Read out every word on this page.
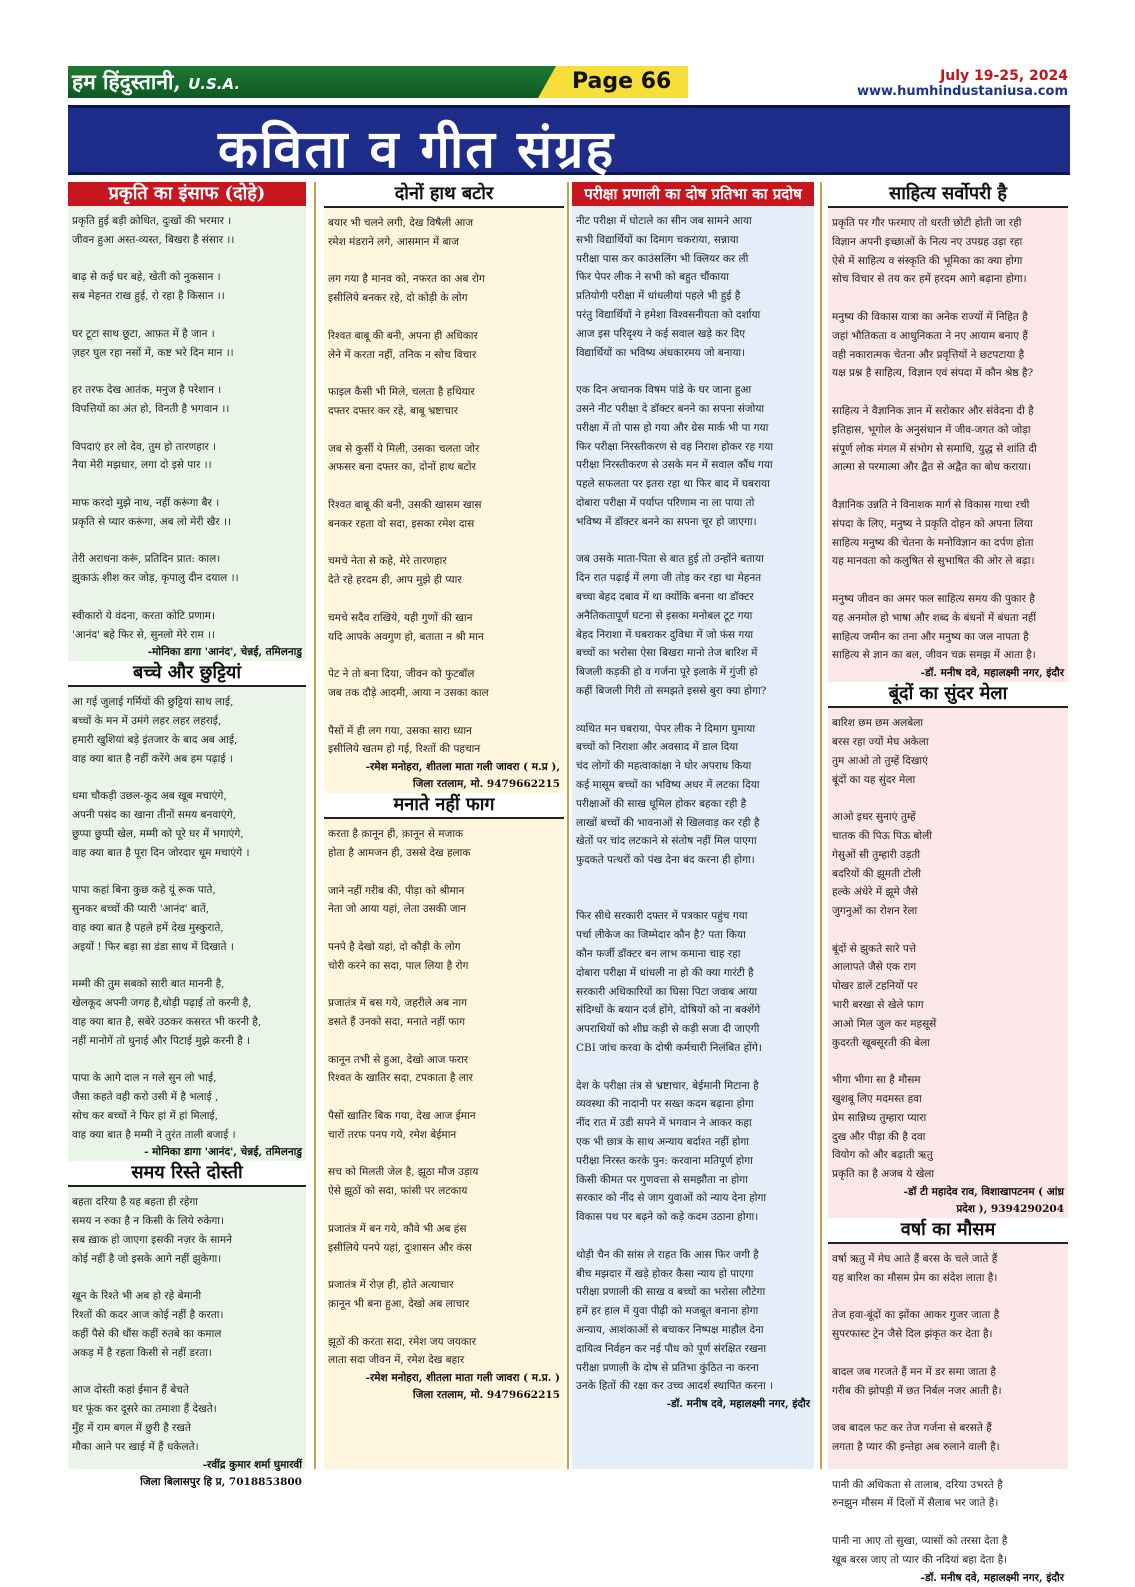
हम हिंदुस्तानी, U.S.A.	Page 66	July 19-25, 2024
www.humhindustaniusa.com
कविता व गीत संग्रह
प्रकृति का इंसाफ (दोहे)
प्रकृति हुई बड़ी क्रोधित, दुःखों की भरमार ।
जीवन हुआ अस्त-व्यस्त, बिखरा है संसार ।।

बाढ़ से कई घर बहे, खेती को नुकसान ।
सब मेहनत राख हुई, रो रहा है किसान ।।

घर टूटा साथ छूटा, आफ़त में है जान ।
ज़हर घुल रहा नसों में, कष्ट भरे दिन मान ।।

हर तरफ देख आतंक, मनुज है परेशान ।
विपत्तियों का अंत हो, विनती है भगवान ।।

विपदाएं हर लो देव, तुम हो तारणहार ।
नैया मेरी मझधार, लगा दो इसे पार ।।

माफ करदो मुझे नाथ, नहीं करूंगा बैर ।
प्रकृति से प्यार करूंगा, अब लो मेरी खैर ।।

तेरी अराधना करूं, प्रतिदिन प्रात: काल।
झुकाऊं शीश कर जोड़, कृपालु दीन दयाल ।।

स्वीकारो ये वंदना, करता कोटि प्रणाम।
'आनंद' बहे फिर से, सुनलो मेरे राम ।।
-मोनिका डागा 'आनंद', चेन्नई, तमिलनाडु
बच्चे और छुट्टियां
आ गई जुलाई गर्मियों की छुट्टियां साथ लाई,
बच्चों के मन में उमंगे लहर लहर लहराई,
हमारी खुशियां बड़े इंतजार के बाद अब आई,
वाह क्या बात है नहीं करेंगे अब हम पढ़ाई ।

धमा चौकड़ी उछल-कूद अब खूब मचाएंगे,
अपनी पसंद का खाना तीनों समय बनवाएंगे,
छुप्पा छुप्पी खेल, मम्मी को पूरे घर में भगाएंगे,
वाह क्या बात है पूरा दिन जोरदार धूम मचाएंगे ।

पापा कहां बिना कुछ कहे यूं रूक पाते,
सुनकर बच्चों की प्यारी 'आनंद' बातें,
वाह क्या बात है पहले हमें देख मुस्कुराते,
अइयों ! फिर बड़ा सा डंडा साथ में दिखाते ।

मम्मी की तुम सबको सारी बात माननी है,
खेलकूद अपनी जगह है,थोड़ी पढ़ाई तो करनी है,
वाह क्या बात है, सबेरे उठकर कसरत भी करनी है,
नहीं मानोगें तो धुनाई और पिटाई मुझे करनी है ।

पापा के आगे दाल न गले सुन लो भाई,
जैसा कहते वही करो उसी में है भलाई ,
सोच कर बच्चों ने फिर हां में हां मिलाई,
वाह क्या बात है मम्मी ने तुरंत ताली बजाई ।
- मोनिका डागा 'आनंद', चेन्नई, तमिलनाडु
समय रिस्ते दोस्ती
बहता दरिया है यह बहता ही रहेगा
समय न रुका है न किसी के लिये रुकेगा।
सब ख़ाक हो जाएगा इसकी नज़र के सामने
कोई नहीं है जो इसके आगे नहीं झुकेगा।

खून के रिश्ते भी अब हो रहे बेमानी
रिश्तों की कदर आज कोई नहीं है करता।
कहीं पैसे की धौंस कहीं रुतबे का कमाल
अकड़ में है रहता किसी से नहीं डरता।

आज दोस्ती कहां ईमान हैं बेचते
घर फूंक कर दूसरे का तमाशा हैं देखते।
मुँह में राम बगल में छुरी है रखते
मौका आने पर खाई में हैं धकेलते।
-रवींद्र कुमार शर्मा घुमारवीं
जिला बिलासपुर हि प्र, 7018853800
दोनों हाथ बटोर
बयार भी चलने लगी, देख विषैली आज
रमेश मंडराने लगे, आसमान में बाज

लग गया है मानव को, नफरत का अब रोग
इसीलिये बनकर रहे, दो कोड़ी के लोग

रिश्वत बाबू की बनी, अपना ही अधिकार
लेने में करता नहीं, तनिक न सोच विचार

फाइल कैसी भी मिले, चलता है हथियार
दफ्तर दफ्तर कर रहे, बाबू भ्रष्टाचार

जब से कुर्सी ये मिली, उसका चलता जोर
अफसर बना दफ्तर का, दोनों हाथ बटोर

रिश्वत बाबू की बनी, उसकी खासम खास
बनकर रहता वो सदा, इसका रमेश दास

चमचे नेता से कहे, मेरे तारणहार
देते रहे हरदम ही, आप मुझे ही प्यार

चमचे सदैव राखिये, यही गुणों की खान
यदि आपके अवगुण हो, बताता न श्री मान

पेट ने तो बना दिया, जीवन को फुटबॉल
जब तक दौड़े आदमी, आया न उसका काल

पैसों में ही लग गया, उसका सारा ध्यान
इसीलिये खतम हो गई, रिश्तों की पहचान
-रमेश मनोहरा, शीतला माता गली जावरा ( म.प्र ),
जिला रतलाम, मो. 9479662215
मनाते नहीं फाग
करता है क़ानून ही, क़ानून से मजाक
होता है आमजन ही, उससे देख हलाक

जाने नहीं गरीब की, पीड़ा को श्रीमान
नेता जो आया यहां, लेता उसकी जान

पनपे है देखो यहां, दो कौड़ी के लोग
चोरी करने का सदा, पाल लिया है रोग

प्रजातंत्र में बस गये, जहरीले अब नाग
डसते हैं उनको सदा, मनाते नहीं फाग

कानून तभी से हुआ, देखो आज फरार
रिश्वत के खातिर सदा, टपकाता है लार

पैसों खातिर बिक गया, देख आज ईमान
चारों तरफ पनप गये, रमेश बेईमान

सच को मिलती जेल है, झूठा मौज उड़ाय
ऐसे झूठों को सदा, फांसी पर लटकाय

प्रजातंत्र में बन गये, कौवे भी अब हंस
इसीलिये पनपे यहां, दुःशासन और कंस

प्रजातंत्र में रोज़ ही, होते अत्याचार
क़ानून भी बना हुआ, देखो अब लाचार

झूठों की करता सदा, रमेश जय जयकार
लाता सदा जीवन में, रमेश देख बहार
-रमेश मनोहरा, शीतला माता गली जावरा ( म.प्र. )
जिला रतलाम, मो. 9479662215
परीक्षा प्रणाली का दोष प्रतिभा का प्रदोष
नीट परीक्षा में घोटाले का सीन जब सामने आया
सभी विद्यार्थियों का दिमाग चकराया, सन्नाया
परीक्षा पास कर काउंसलिंग भी क्लियर कर ली
फिर पेपर लीक ने सभी को बहुत चौंकाया
प्रतियोगी परीक्षा में धांधलीयां पहले भी हुई है
परंतु विद्यार्थियों ने हमेशा विश्वसनीयता को दर्शाया
आज इस परिदृश्य ने कई सवाल खड़े कर दिए
विद्यार्थियों का भविष्य अंधकारमय जो बनाया।

एक दिन अचानक विषम पांडे के घर जाना हुआ
उसने नीट परीक्षा दे डॉक्टर बनने का सपना संजोया
परीक्षा में तो पास हो गया और ग्रेस मार्क भी पा गया
फिर परीक्षा निरस्तीकरण से वह निराश होकर रह गया
परीक्षा निरस्तीकरण से उसके मन में सवाल कौंध गया
पहले सफलता पर इतरा रहा था फिर बाद में घबराया
दोबारा परीक्षा में पर्याप्त परिणाम ना ला पाया तो
भविष्य में डॉक्टर बनने का सपना चूर हो जाएगा।

जब उसके माता-पिता से बात हुई तो उन्होंने बताया
दिन रात पढ़ाई में लगा जी तोड़ कर रहा था मेहनत
बच्चा बेहद दबाव में था क्योंकि बनना था डॉक्टर
अनैतिकतापूर्ण घटना से इसका मनोबल टूट गया
बेहद निराशा में घबराकर दुविधा में जो फंस गया
बच्चों का भरोसा ऐसा बिखरा मानो तेज बारिश में
बिजली कड़की हो व गर्जना पूरे इलाके में गुंजी हो
कहीं बिजली गिरी तो समझते इससे बुरा क्या होगा?

व्यथित मन घबराया, पेपर लीक ने दिमाग घुमाया
बच्चों को निराशा और अवसाद में डाल दिया
चंद लोगों की महत्वाकांक्षा ने घोर अपराध किया
कई मासूम बच्चों का भविष्य अधर में लटका दिया
परीक्षाओं की साख धूमिल होकर बहका रही है
लाखों बच्चों की भावनाओं से खिलवाड़ कर रही है
खेतों पर चांद लटकाने से संतोष नहीं मिल पाएगा
फुदकते पत्थरों को पंख देना बंद करना ही होगा।

फिर सीधे सरकारी दफ्तर में पत्रकार पहुंच गया
पर्चा लीकेज का जिम्मेदार कौन है? पता किया
कौन फर्जी डॉक्टर बन लाभ कमाना चाह रहा
दोबारा परीक्षा में धांधली ना हो की क्या गारंटी है
सरकारी अधिकारियों का घिसा पिटा जवाब आया
संदिग्धों के बयान दर्ज होंगे, दोषियों को ना बक्शेंगे
अपराधियों को शीघ्र कड़ी से कड़ी सजा दी जाएगी
CBI जांच करवा के दोषी कर्मचारी निलंबित होंगे।

देश के परीक्षा तंत्र से भ्रष्टाचार, बेईमानी मिटाना है
व्यवस्था की नादानी पर सख्त कदम बढ़ाना होगा
नींद रात में उडी सपने में भगवान ने आकर कहा
एक भी छात्र के साथ अन्याय बर्दाश्त नहीं होगा
परीक्षा निरस्त करके पुन: करवाना मतिपूर्ण होगा
किसी कीमत पर गुणवत्ता से समझौता ना होगा
सरकार को नींद से जाग युवाओं को न्याय देना होगा
विकास पथ पर बढ़ने को कड़े कदम उठाना होगा।

थोड़ी चैन की सांस ले राहत कि आस फिर जगी है
बीच मझदार में खड़े होकर कैसा न्याय हो पाएगा
परीक्षा प्रणाली की साख व बच्चों का भरोसा लौटेगा
हमें हर हाल में युवा पीढ़ी को मजबूत बनाना होगा
अन्याय, आशंकाओं से बचाकर निष्पक्ष माहौल देना
दायित्व निर्वहन कर नई पौध को पूर्ण संरक्षित रखना
परीक्षा प्रणाली के दोष से प्रतिभा कुंठित ना करना
उनके हितों की रक्षा कर उच्च आदर्श स्थापित करना ।
-डॉ. मनीष दवे, महालक्ष्मी नगर, इंदौर
साहित्य सर्वोपरी है
प्रकृति पर गौर फरमाए तो धरती छोटी होती जा रही
विज्ञान अपनी इच्छाओं के नित्य नए उपग्रह उड़ा रहा
ऐसे में साहित्य व संस्कृति की भूमिका का क्या होगा
सोच विचार से तय कर हमें हरदम आगे बढ़ाना होगा।

मनुष्य की विकास यात्रा का अनेक राज्यों में निहित है
जहां भौतिकता व आधुनिकता ने नए आयाम बनाए हैं
वही नकारात्मक चेतना और प्रवृत्तियों ने छटपटाया है
यक्ष प्रश्न है साहित्य, विज्ञान एवं संपदा में कौन श्रेष्ठ है?

साहित्य ने वैज्ञानिक ज्ञान में सरोकार और संवेदना दी है
इतिहास, भूगोल के अनुसंधान में जीव-जगत को जोड़ा
संपूर्ण लोक मंगल में संभोग से समाधि, युद्ध से शांति दी
आत्मा से परमात्मा और द्वैत से अद्वैत का बोध कराया।

वैज्ञानिक उन्नति ने विनाशक मार्ग से विकास गाथा रची
संपदा के लिए, मनुष्य ने प्रकृति दोहन को अपना लिया
साहित्य मनुष्य की चेतना के मनोविज्ञान का दर्पण होता
यह मानवता को कलुषित से सुभाषित की ओर ले बढ़ा।

मनुष्य जीवन का अमर फल साहित्य समय की पुकार है
यह अनमोल हो भाषा और शब्द के बंधनों में बंधता नहीं
साहित्य जमीन का तना और मनुष्य का जल नापता है
साहित्य से ज्ञान का बल, जीवन चक्र समझ में आता है।
-डॉ. मनीष दवे, महालक्ष्मी नगर, इंदौर
बूंदों का सुंदर मेला
बारिश छम छम अलबेला
बरस रहा ज्यों मेघ अकेला
तुम आओ तो तुम्हें दिखाएं
बूंदों का यह सुंदर मेला

आओ इधर सुनाएं तुम्हें
चातक की पिऊ पिऊ बोली
गेसुओं सी तुम्हारी उड़ती
बदरियों की झूमती टोली
हल्के अंधेरे में झूमे जैसे
जुगनुओं का रोशन रेला

बूंदों से झुकते सारे पत्ते
आलापते जैसे एक राग
पोखर डालें टहनियों पर
भारी बरखा से खेले फाग
आओ मिल जुल कर महसूसें
कुदरती खूबसूरती की बेला

भीगा भीगा सा है मौसम
खुशबू लिए मदमस्त हवा
प्रेम सान्निध्य तुम्हारा प्यारा
दुख और पीड़ा की है दवा
वियोग को और बढ़ाती ऋतु
प्रकृति का है अजब ये खेला
-डॉ टी महादेव राव, विशाखापटनम ( आंध्र
प्रदेश ), 9394290204
वर्षा का मौसम
वर्षा ऋतु में मेघ आते हैं बरस के चले जाते हैं
यह बारिश का मौसम प्रेम का संदेश लाता है।

तेज हवा-बूंदों का झोंका आकर गुजर जाता है
सुपरफास्ट ट्रेन जैसे दिल झंकृत कर देता है।

बादल जब गरजते हैं मन में डर समा जाता है
गरीब की झोपड़ी में छत निर्बल नजर आती है।

जब बादल फट कर तेज गर्जना से बरसते हैं
लगता है प्यार की इन्तेहा अब रुलाने वाली है।

पानी की अधिकता से तालाब, दरिया उभरते है
रुनझुन मौसम में दिलों में सैलाब भर जाते है।

पानी ना आए तो सुखा, प्यासों को तरसा देता है
खूब बरस जाए तो प्यार की नदियां बहा देता है।
-डॉ. मनीष दवे, महालक्ष्मी नगर, इंदौर
